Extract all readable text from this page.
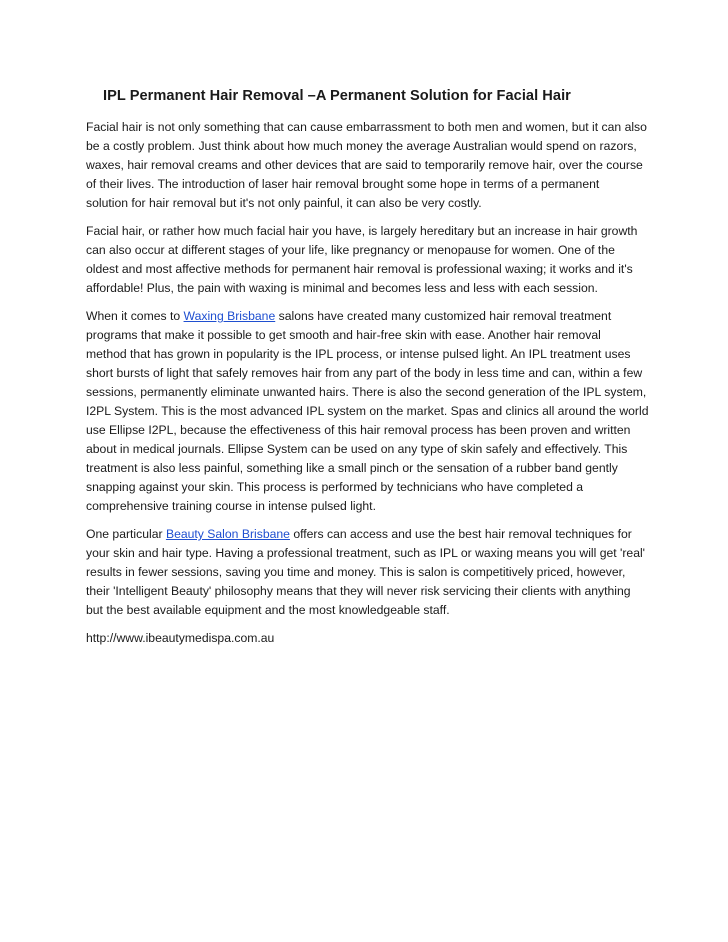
IPL Permanent Hair Removal –A Permanent Solution for Facial Hair
Facial hair is not only something that can cause embarrassment to both men and women, but it can also
be a costly problem. Just think about how much money the average Australian would spend on razors,
waxes, hair removal creams and other devices that are said to temporarily remove hair, over the course
of their lives. The introduction of laser hair removal brought some hope in terms of a permanent
solution for hair removal but it's not only painful, it can also be very costly.
Facial hair, or rather how much facial hair you have, is largely hereditary but an increase in hair growth
can also occur at different stages of your life, like pregnancy or menopause for women. One of the
oldest and most affective methods for permanent hair removal is professional waxing; it works and it's
affordable! Plus, the pain with waxing is minimal and becomes less and less with each session.
When it comes to Waxing Brisbane salons have created many customized hair removal treatment
programs that make it possible to get smooth and hair-free skin with ease. Another hair removal
method that has grown in popularity is the IPL process, or intense pulsed light. An IPL treatment uses
short bursts of light that safely removes hair from any part of the body in less time and can, within a few
sessions, permanently eliminate unwanted hairs. There is also the second generation of the IPL system,
I2PL System. This is the most advanced IPL system on the market. Spas and clinics all around the world
use Ellipse I2PL, because the effectiveness of this hair removal process has been proven and written
about in medical journals. Ellipse System can be used on any type of skin safely and effectively. This
treatment is also less painful, something like a small pinch or the sensation of a rubber band gently
snapping against your skin. This process is performed by technicians who have completed a
comprehensive training course in intense pulsed light.
One particular Beauty Salon Brisbane offers can access and use the best hair removal techniques for
your skin and hair type. Having a professional treatment, such as IPL or waxing means you will get 'real'
results in fewer sessions, saving you time and money. This is salon is competitively priced, however,
their 'Intelligent Beauty' philosophy means that they will never risk servicing their clients with anything
but the best available equipment and the most knowledgeable staff.
http://www.ibeautymedispa.com.au
